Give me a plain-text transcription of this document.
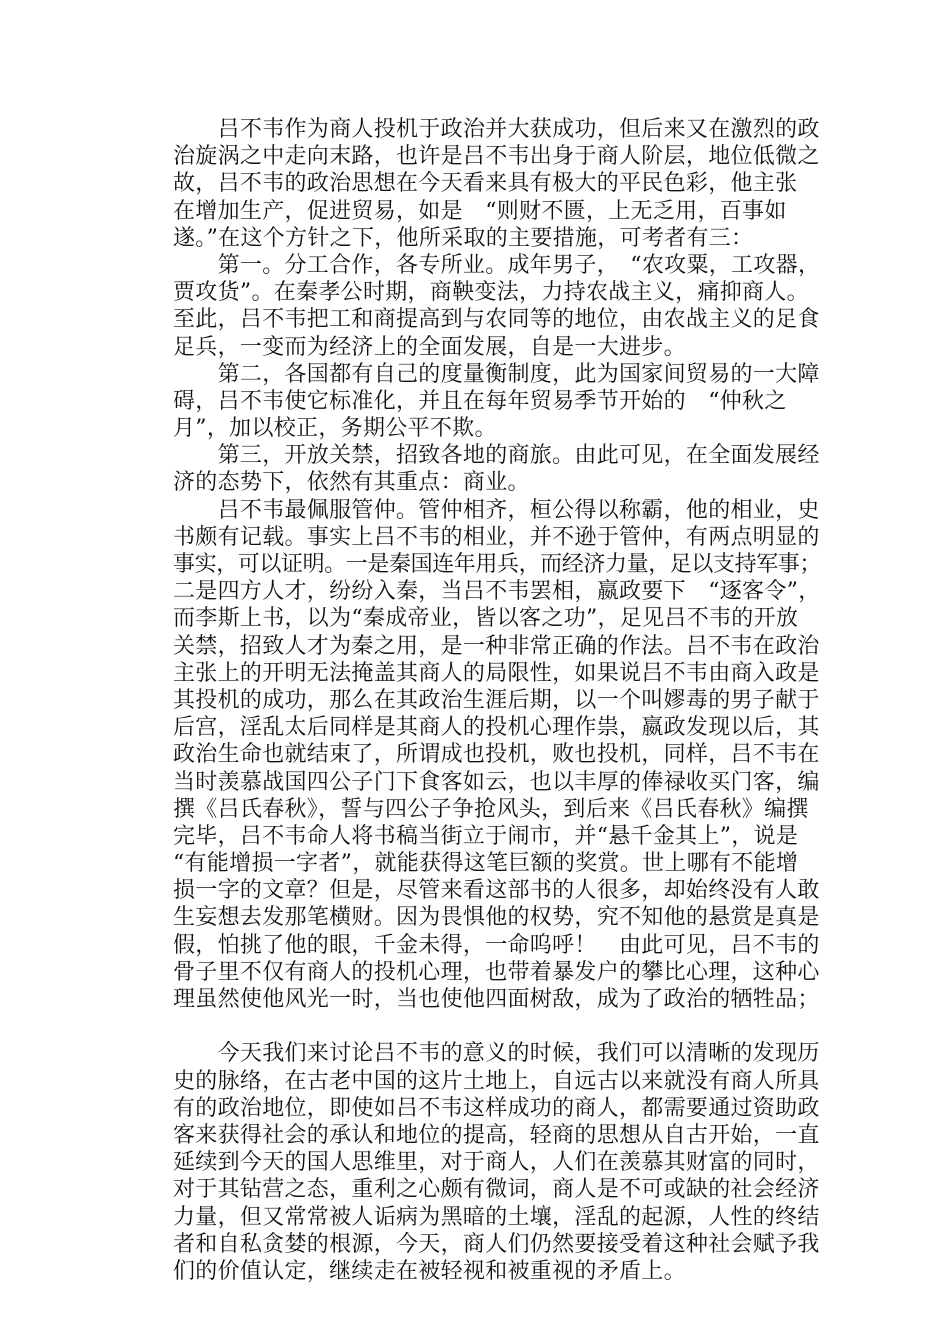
　　吕不韦作为商人投机于政治并大获成功，但后来又在激烈的政
治旋涡之中走向末路，也许是吕不韦出身于商人阶层，地位低微之
故，吕不韦的政治思想在今天看来具有极大的平民色彩，他主张
在增加生产，促进贸易，如是　“则财不匮，上无乏用，百事如
遂。”在这个方针之下，他所采取的主要措施，可考者有三：
　　第一。分工合作，各专所业。成年男子，　“农攻粟，工攻器，
贾攻货”。在秦孝公时期，商鞅变法，力持农战主义，痛抑商人。
至此，吕不韦把工和商提高到与农同等的地位，由农战主义的足食
足兵，一变而为经济上的全面发展，自是一大进步。
　　第二，各国都有自己的度量衡制度，此为国家间贸易的一大障
碍，吕不韦使它标准化，并且在每年贸易季节开始的　“仲秋之
月”，加以校正，务期公平不欺。
　　第三，开放关禁，招致各地的商旅。由此可见，在全面发展经
济的态势下，依然有其重点：商业。
　　吕不韦最佩服管仲。管仲相齐，桓公得以称霸，他的相业，史
书颇有记载。事实上吕不韦的相业，并不逊于管仲，有两点明显的
事实，可以证明。一是秦国连年用兵，而经济力量，足以支持军事；
二是四方人才，纷纷入秦，当吕不韦罢相，嬴政要下　“逐客令”，
而李斯上书，以为“秦成帝业，皆以客之功”，足见吕不韦的开放
关禁，招致人才为秦之用，是一种非常正确的作法。吕不韦在政治
主张上的开明无法掩盖其商人的局限性，如果说吕不韦由商入政是
其投机的成功，那么在其政治生涯后期，以一个叫嫪毒的男子献于
后宫，淫乱太后同样是其商人的投机心理作祟，嬴政发现以后，其
政治生命也就结束了，所谓成也投机，败也投机，同样，吕不韦在
当时羡慕战国四公子门下食客如云，也以丰厚的俸禄收买门客，编
撰《吕氏春秋》，誓与四公子争抢风头，到后来《吕氏春秋》编撰
完毕，吕不韦命人将书稿当街立于闹市，并“悬千金其上”，说是
“有能增损一字者”，就能获得这笔巨额的奖赏。世上哪有不能增
损一字的文章？但是，尽管来看这部书的人很多，却始终没有人敢
生妄想去发那笔横财。因为畏惧他的权势，究不知他的悬赏是真是
假，怕挑了他的眼，千金未得，一命呜呼！　由此可见，吕不韦的
骨子里不仅有商人的投机心理，也带着暴发户的攀比心理，这种心
理虽然使他风光一时，当也使他四面树敌，成为了政治的牺牲品；
　　今天我们来讨论吕不韦的意义的时候，我们可以清晰的发现历
史的脉络，在古老中国的这片土地上，自远古以来就没有商人所具
有的政治地位，即使如吕不韦这样成功的商人，都需要通过资助政
客来获得社会的承认和地位的提高，轻商的思想从自古开始，一直
延续到今天的国人思维里，对于商人，人们在羡慕其财富的同时，
对于其钻营之态，重利之心颇有微词，商人是不可或缺的社会经济
力量，但又常常被人诟病为黑暗的土壤，淫乱的起源，人性的终结
者和自私贪婪的根源，今天，商人们仍然要接受着这种社会赋予我
们的价值认定，继续走在被轻视和被重视的矛盾上。
